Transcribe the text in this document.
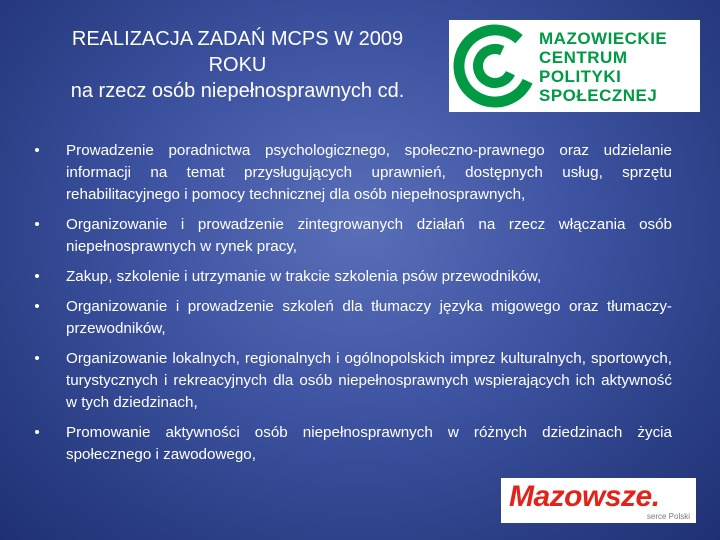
REALIZACJA ZADAŃ MCPS W 2009
ROKU
na rzecz osób niepełnosprawnych cd.
MAZOWIECKIE
CENTRUM
POLITYKI
SPOŁECZNEJ
• Prowadzenie poradnictwa psychologicznego, społeczno-prawnego oraz udzielanie informacji na temat przysługujących uprawnień, dostępnych usług, sprzętu rehabilitacyjnego i pomocy technicznej dla osób niepełnosprawnych,
• Organizowanie i prowadzenie zintegrowanych działań na rzecz włączania osób niepełnosprawnych w rynek pracy,
• Zakup, szkolenie i utrzymanie w trakcie szkolenia psów przewodników,
• Organizowanie i prowadzenie szkoleń dla tłumaczy języka migowego oraz tłumaczy-przewodników,
• Organizowanie lokalnych, regionalnych i ogólnopolskich imprez kulturalnych, sportowych, turystycznych i rekreacyjnych dla osób niepełnosprawnych wspierających ich aktywność w tych dziedzinach,
• Promowanie aktywności osób niepełnosprawnych w różnych dziedzinach życia społecznego i zawodowego,
Mazowsze.
serce Polski
